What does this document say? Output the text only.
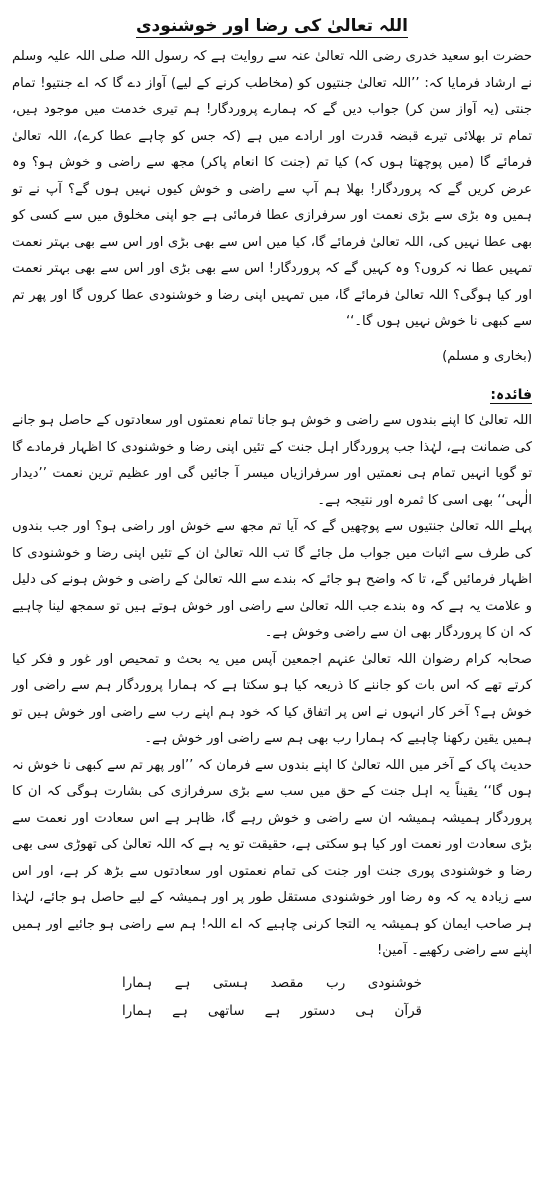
اللہ تعالیٰ کی رضا اور خوشنودی

حضرت ابو سعید خدری رضی اللہ تعالیٰ عنہ سے روایت ہے کہ رسول اللہ صلی اللہ علیہ وسلم نے ارشاد فرمایا کہ: ’’اللہ تعالیٰ جنتیوں کو (مخاطب کرنے کے لیے) آواز دے گا کہ اے جنتیو! تمام جنتی (یہ آواز سن کر) جواب دیں گے کہ ہمارے پروردگار! ہم تیری خدمت میں موجود ہیں، تمام تر بھلائی تیرے قبضہ قدرت اور ارادے میں ہے (کہ جس کو چاہے عطا کرے)، اللہ تعالیٰ فرمائے گا (میں پوچھتا ہوں کہ) کیا تم (جنت کا انعام پاکر) مجھ سے راضی و خوش ہو؟ وہ عرض کریں گے کہ پروردگار! بھلا ہم آپ سے راضی و خوش کیوں نہیں ہوں گے؟ آپ نے تو ہمیں وہ بڑی سے بڑی نعمت اور سرفرازی عطا فرمائی ہے جو اپنی مخلوق میں سے کسی کو بھی عطا نہیں کی، اللہ تعالیٰ فرمائے گا، کیا میں اس سے بھی بڑی اور اس سے بھی بہتر نعمت تمہیں عطا نہ کروں؟ وہ کہیں گے کہ پروردگار! اس سے بھی بڑی اور اس سے بھی بہتر نعمت اور کیا ہوگی؟ اللہ تعالیٰ فرمائے گا، میں تمہیں اپنی رضا و خوشنودی عطا کروں گا اور پھر تم سے کبھی نا خوش نہیں ہوں گا۔‘‘

(بخاری و مسلم)

فائدہ:

اللہ تعالیٰ کا اپنے بندوں سے راضی و خوش ہو جانا تمام نعمتوں اور سعادتوں کے حاصل ہو جانے کی ضمانت ہے، لہٰذا جب پروردگار اہل جنت کے تئیں اپنی رضا و خوشنودی کا اظہار فرمادے گا تو گویا انہیں تمام ہی نعمتیں اور سرفرازیاں میسر آ جائیں گی اور عظیم ترین نعمت ’’دیدار الٰہی‘‘ بھی اسی کا ثمرہ اور نتیجہ ہے۔

پہلے اللہ تعالیٰ جنتیوں سے پوچھیں گے کہ آیا تم مجھ سے خوش اور راضی ہو؟ اور جب بندوں کی طرف سے اثبات میں جواب مل جائے گا تب اللہ تعالیٰ ان کے تئیں اپنی رضا و خوشنودی کا اظہار فرمائیں گے، تا کہ واضح ہو جائے کہ بندے سے اللہ تعالیٰ کے راضی و خوش ہونے کی دلیل و علامت یہ ہے کہ وہ بندے جب اللہ تعالیٰ سے راضی اور خوش ہوتے ہیں تو سمجھ لینا چاہیے کہ ان کا پروردگار بھی ان سے راضی وخوش ہے۔

صحابہ کرام رضوان اللہ تعالیٰ عنہم اجمعین آپس میں یہ بحث و تمحیص اور غور و فکر کیا کرتے تھے کہ اس بات کو جاننے کا ذریعہ کیا ہو سکتا ہے کہ ہمارا پروردگار ہم سے راضی اور خوش ہے؟ آخر کار انہوں نے اس پر اتفاق کیا کہ خود ہم اپنے رب سے راضی اور خوش ہیں تو ہمیں یقین رکھنا چاہیے کہ ہمارا رب بھی ہم سے راضی اور خوش ہے۔

حدیث پاک کے آخر میں اللہ تعالیٰ کا اپنے بندوں سے فرمان کہ ’’اور پھر تم سے کبھی نا خوش نہ ہوں گا‘‘ یقیناً یہ اہل جنت کے حق میں سب سے بڑی سرفرازی کی بشارت ہوگی کہ ان کا پروردگار ہمیشہ ہمیشہ ان سے راضی و خوش رہے گا، ظاہر ہے اس سعادت اور نعمت سے بڑی سعادت اور نعمت اور کیا ہو سکتی ہے، حقیقت تو یہ ہے کہ اللہ تعالیٰ کی تھوڑی سی بھی رضا و خوشنودی پوری جنت اور جنت کی تمام نعمتوں اور سعادتوں سے بڑھ کر ہے، اور اس سے زیادہ یہ کہ وہ رضا اور خوشنودی مستقل طور پر اور ہمیشہ کے لیے حاصل ہو جائے، لہٰذا ہر صاحب ایمان کو ہمیشہ یہ التجا کرنی چاہیے کہ اے اللہ! ہم سے راضی ہو جائیے اور ہمیں اپنے سے راضی رکھیے۔ آمین!

خوشنودی
رب
مقصد
ہستی
ہے
ہمارا
قرآن
ہی
دستور
ہے
ساتھی
ہے
ہمارا
